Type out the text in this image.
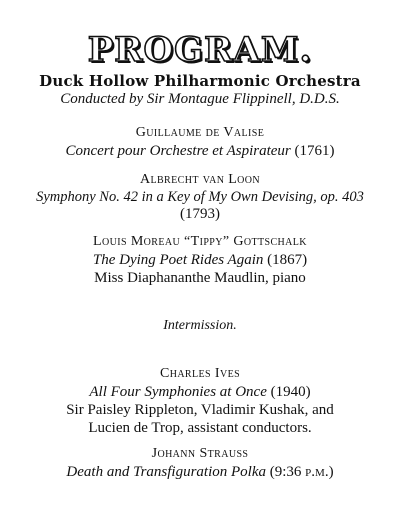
PROGRAM.
Duck Hollow Philharmonic Orchestra
Conducted by Sir Montague Flippinell, D.D.S.
Guillaume de Valise
Concert pour Orchestre et Aspirateur (1761)
Albrecht van Loon
Symphony No. 42 in a Key of My Own Devising, op. 403
(1793)
Louis Moreau “Tippy” Gottschalk
The Dying Poet Rides Again (1867)
Miss Diaphananthe Maudlin, piano
Intermission.
Charles Ives
All Four Symphonies at Once (1940)
Sir Paisley Rippleton, Vladimir Kushak, and
Lucien de Trop, assistant conductors.
Johann Strauss
Death and Transfiguration Polka (9:36 p.m.)
